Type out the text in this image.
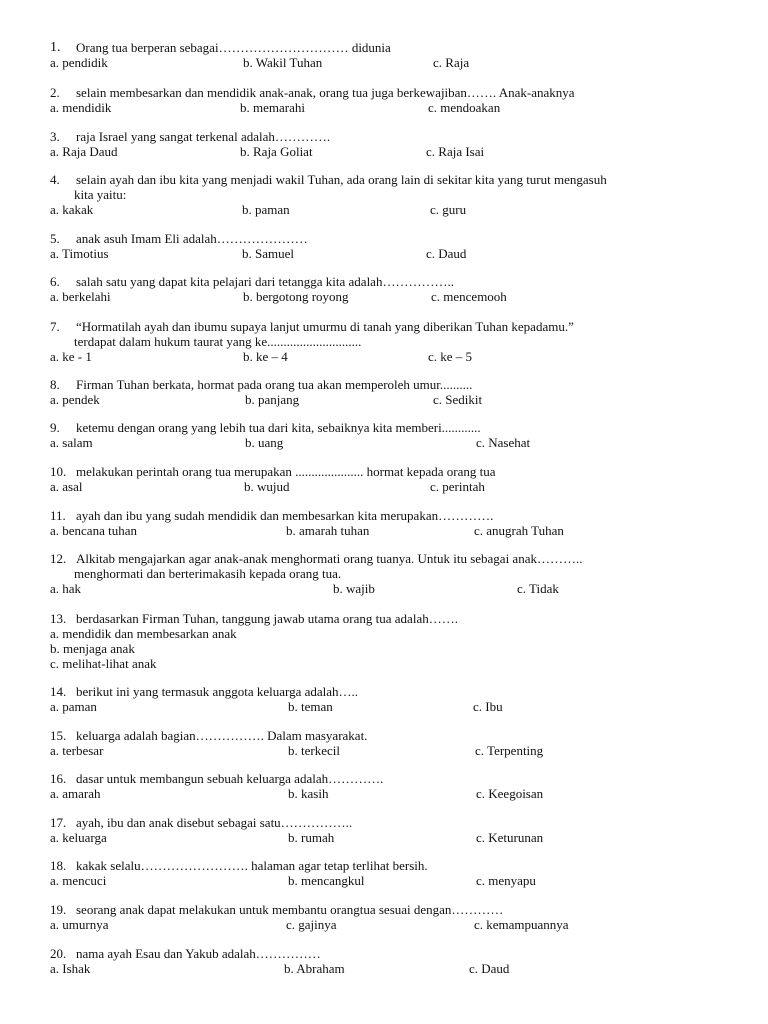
1. Orang tua berperan sebagai………………………… didunia
a. pendidik	b. Wakil Tuhan	c. Raja
2. selain membesarkan dan mendidik anak-anak, orang tua juga berkewajiban……. Anak-anaknya
a. mendidik	b. memarahi	c. mendoakan
3. raja Israel yang sangat terkenal adalah………….
a. Raja Daud	b. Raja Goliat	c. Raja Isai
4. selain ayah dan ibu kita yang menjadi wakil Tuhan, ada orang lain di sekitar kita yang turut mengasuh
kita yaitu:
a. kakak	b. paman	c. guru
5. anak asuh Imam Eli adalah…………………
a. Timotius	b. Samuel	c. Daud
6. salah satu yang dapat kita pelajari dari tetangga kita adalah……………..
a. berkelahi	b. bergotong royong	c. mencemooh
7. “Hormatilah ayah dan ibumu supaya lanjut umurmu di tanah yang diberikan Tuhan kepadamu.”
terdapat dalam hukum taurat yang ke.............................
a. ke - 1	b. ke – 4	c. ke – 5
8. Firman Tuhan berkata, hormat pada orang tua akan memperoleh umur..........
a. pendek	b. panjang	c. Sedikit
9. ketemu dengan orang yang lebih tua dari kita, sebaiknya kita memberi............
a. salam	b. uang	c. Nasehat
10. melakukan perintah orang tua merupakan ..................... hormat kepada orang tua
a. asal	b. wujud	c. perintah
11. ayah dan ibu yang sudah mendidik dan membesarkan kita merupakan………….
a. bencana tuhan	b. amarah tuhan	c. anugrah Tuhan
12. Alkitab mengajarkan agar anak-anak menghormati orang tuanya. Untuk itu sebagai anak………..
menghormati dan berterimakasih kepada orang tua.
a. hak	b. wajib	c. Tidak
13. berdasarkan Firman Tuhan, tanggung jawab utama orang tua adalah…….
a. mendidik dan membesarkan anak
b. menjaga anak
c. melihat-lihat anak
14. berikut ini yang termasuk anggota keluarga adalah…..
a. paman	b. teman	c. Ibu
15. keluarga adalah bagian……………. Dalam masyarakat.
a. terbesar	b. terkecil	c. Terpenting
16. dasar untuk membangun sebuah keluarga adalah………….
a. amarah	b. kasih	c. Keegoisan
17. ayah, ibu dan anak disebut sebagai satu……………..
a. keluarga	b. rumah	c. Keturunan
18. kakak selalu……………………. halaman agar tetap terlihat bersih.
a. mencuci	b. mencangkul	c. menyapu
19. seorang anak dapat melakukan untuk membantu orangtua sesuai dengan…………
a. umurnya	c. gajinya	c. kemampuannya
20. nama ayah Esau dan Yakub adalah……………
a. Ishak	b. Abraham	c. Daud
